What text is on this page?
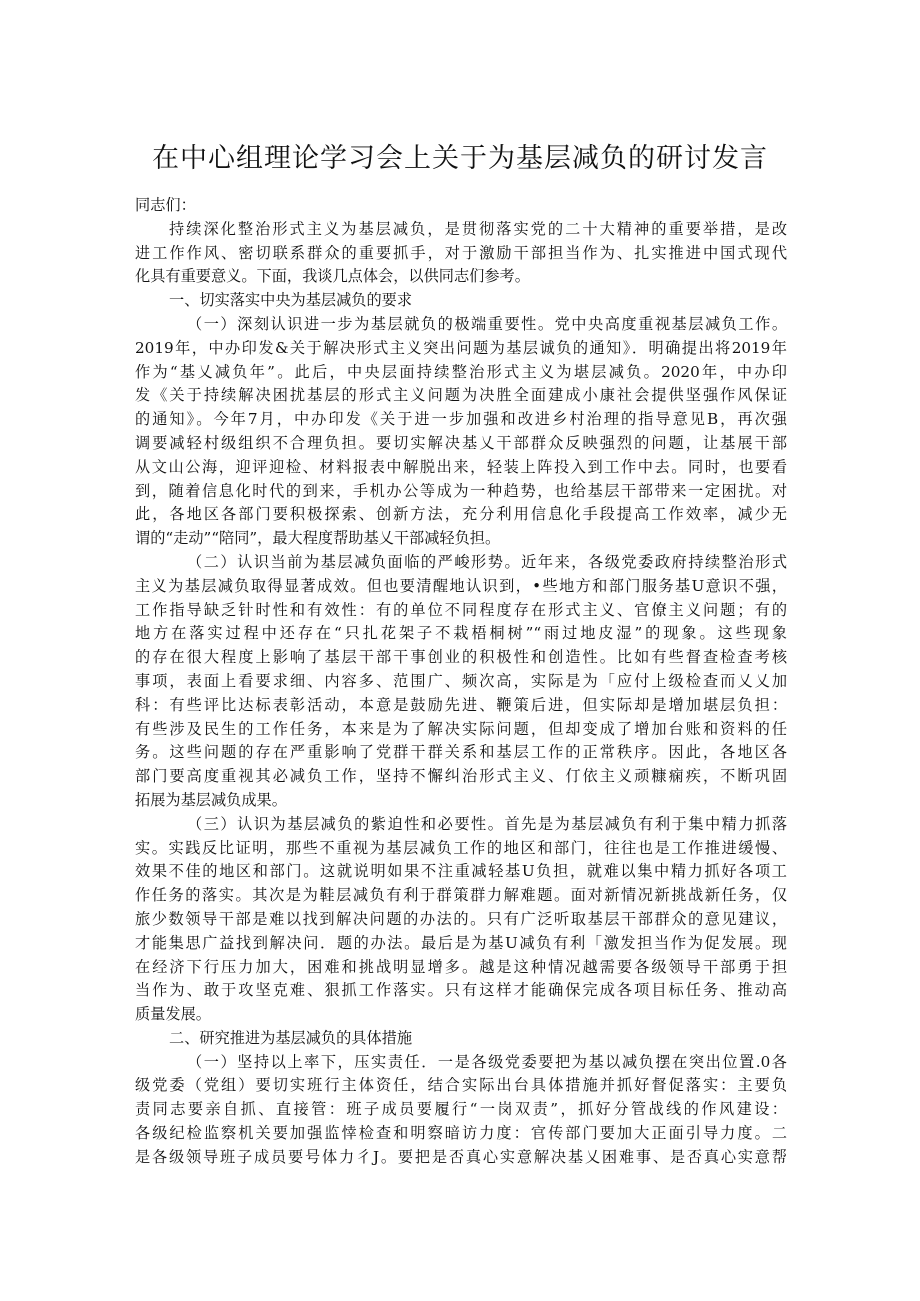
在中心组理论学习会上关于为基层减负的研讨发言
同志们：
持续深化整治形式主义为基层减负，是贯彻落实党的二十大精神的重要举措，是改
进工作作风、密切联系群众的重要抓手，对于激励干部担当作为、扎实推进中国式现代
化具有重要意义。下面，我谈几点体会，以供同志们参考。
一、切实落实中央为基层减负的要求
（一）深刻认识进一步为基层就负的极端重要性。党中央高度重视基层减负工作。
2019年，中办印发&关于解决形式主义突出问题为基层诚负的通知》．明确提出将2019年
作为“基乂减负年”。此后，中央层面持续整治形式主义为堪层减负。2020年，中办印
发《关于持续解决困扰基层的形式主义问题为决胜全面建成小康社会提供坚强作风保证
的通知》。今年7月，中办印发《关于进一步加强和改进乡村治理的指导意见B，再次强
调要减轻村级组织不合理负担。要切实解决基乂干部群众反映强烈的问题，让基展干部
从文山公海，迎评迎检、材料报表中解脱出来，轻装上阵投入到工作中去。同时，也要看
到，随着信息化时代的到来，手机办公等成为一种趋势，也给基层干部带来一定困扰。对
此，各地区各部门要积极探索、创新方法，充分利用信息化手段提高工作效率，减少无
谓的“走动”“陪同”，最大程度帮助基乂干部减轻负担。
（二）认识当前为基层减负面临的严峻形势。近年来，各级党委政府持续整治形式
主义为基层减负取得显著成效。但也要清醒地认识到，•些地方和部门服务基U意识不强，
工作指导缺乏针时性和有效性：有的单位不同程度存在形式主义、官僚主义问题；有的
地方在落实过程中还存在“只扎花架子不栽梧桐树”“雨过地皮湿”的现象。这些现象
的存在很大程度上影响了基层干部干事创业的积极性和创造性。比如有些督查检查考核
事项，表面上看要求细、内容多、范围广、频次高，实际是为「应付上级检查而乂乂加
科：有些评比达标表彰活动，本意是鼓励先进、鞭策后进，但实际却是增加堪层负担：
有些涉及民生的工作任务，本来是为了解决实际问题，但却变成了增加台账和资料的任
务。这些问题的存在严重影响了党群干群关系和基层工作的正常秩序。因此，各地区各
部门要高度重视其必减负工作，坚持不懈纠治形式主义、仃依主义顽糠痫疾，不断巩固
拓展为基层减负成果。
（三）认识为基层减负的紫迫性和必要性。首先是为基层减负有利于集中精力抓落
实。实践反比证明，那些不重视为基层减负工作的地区和部门，往往也是工作推进缓慢、
效果不佳的地区和部门。这就说明如果不注重减轻基U负担，就难以集中精力抓好各项工
作任务的落实。其次是为鞋层减负有利于群策群力解难题。面对新情况新挑战新任务，仅
旅少数领导干部是难以找到解决问题的办法的。只有广泛听取基层干部群众的意见建议，
才能集思广益找到解决问．题的办法。最后是为基U减负有利「激发担当作为促发展。现
在经济下行压力加大，困难和挑战明显增多。越是这种情况越需要各级领导干部勇于担
当作为、敢于攻坚克难、狠抓工作落实。只有这样才能确保完成各项目标任务、推动高
质量发展。
二、研究推进为基层减负的具体措施
（一）坚持以上率下，压实责任．一是各级党委要把为基以减负摆在突出位置.0各
级党委（党组）要切实班行主体资任，结合实际出台具体措施并抓好督促落实：主要负
责同志要亲自抓、直接管：班子成员要履行“一岗双责”，抓好分管战线的作风建设：
各级纪检监察机关要加强监悻检查和明察暗访力度：官传部门要加大正面引导力度。二
是各级领导班子成员要号体力彳J。要把是否真心实意解决基乂困难事、是否真心实意帮
